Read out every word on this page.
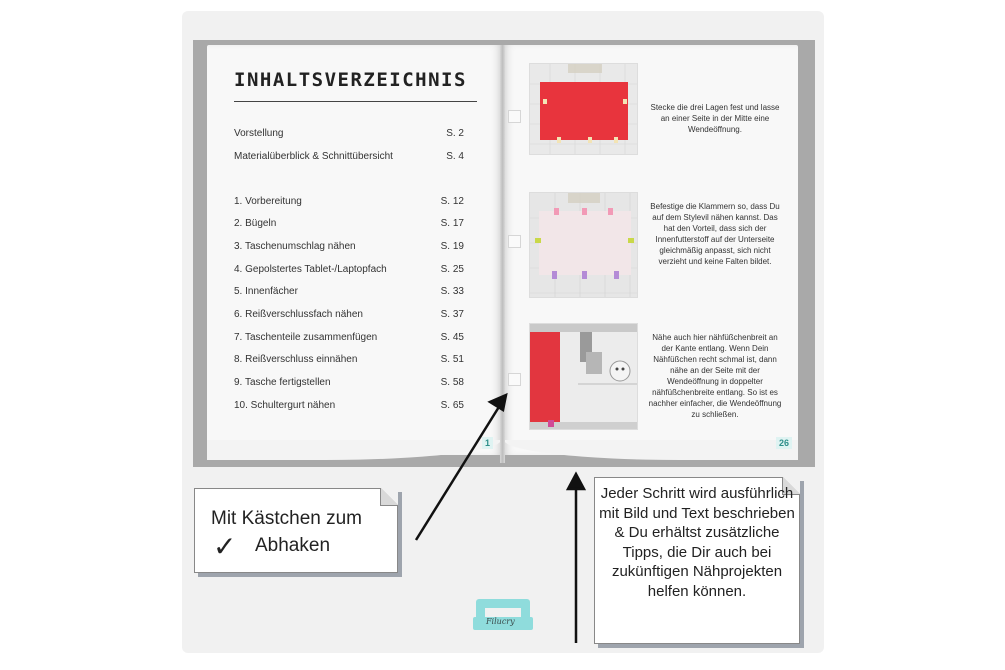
INHALTSVERZEICHNIS
Vorstellung	S. 2
Materialüberblick & Schnittübersicht	S. 4
1. Vorbereitung	S. 12
2. Bügeln	S. 17
3. Taschenumschlag nähen	S. 19
4. Gepolstertes Tablet-/Laptopfach	S. 25
5. Innenfächer	S. 33
6. Reißverschlussfach nähen	S. 37
7. Taschenteile zusammenfügen	S. 45
8. Reißverschluss einnähen	S. 51
9. Tasche fertigstellen	S. 58
10. Schultergurt nähen	S. 65
1
Stecke die drei Lagen fest und lasse an einer Seite in der Mitte eine Wendeöffnung.
Befestige die Klammern so, dass Du auf dem Stylevil nähen kannst. Das hat den Vorteil, dass sich der Innenfutterstoff auf der Unterseite gleichmäßig anpasst, sich nicht verzieht und keine Falten bildet.
Nähe auch hier nähfüßchenbreit an der Kante entlang. Wenn Dein Nähfüßchen recht schmal ist, dann nähe an der Seite mit der Wendeöffnung in doppelter nähfüßchenbreite entlang. So ist es nachher einfacher, die Wendeöffnung zu schließen.
26
Mit Kästchen zum
✓ Abhaken
Jeder Schritt wird ausführlich mit Bild und Text beschrieben & Du erhältst zusätzliche Tipps, die Dir auch bei zukünftigen Nähprojekten helfen können.
Filucry
